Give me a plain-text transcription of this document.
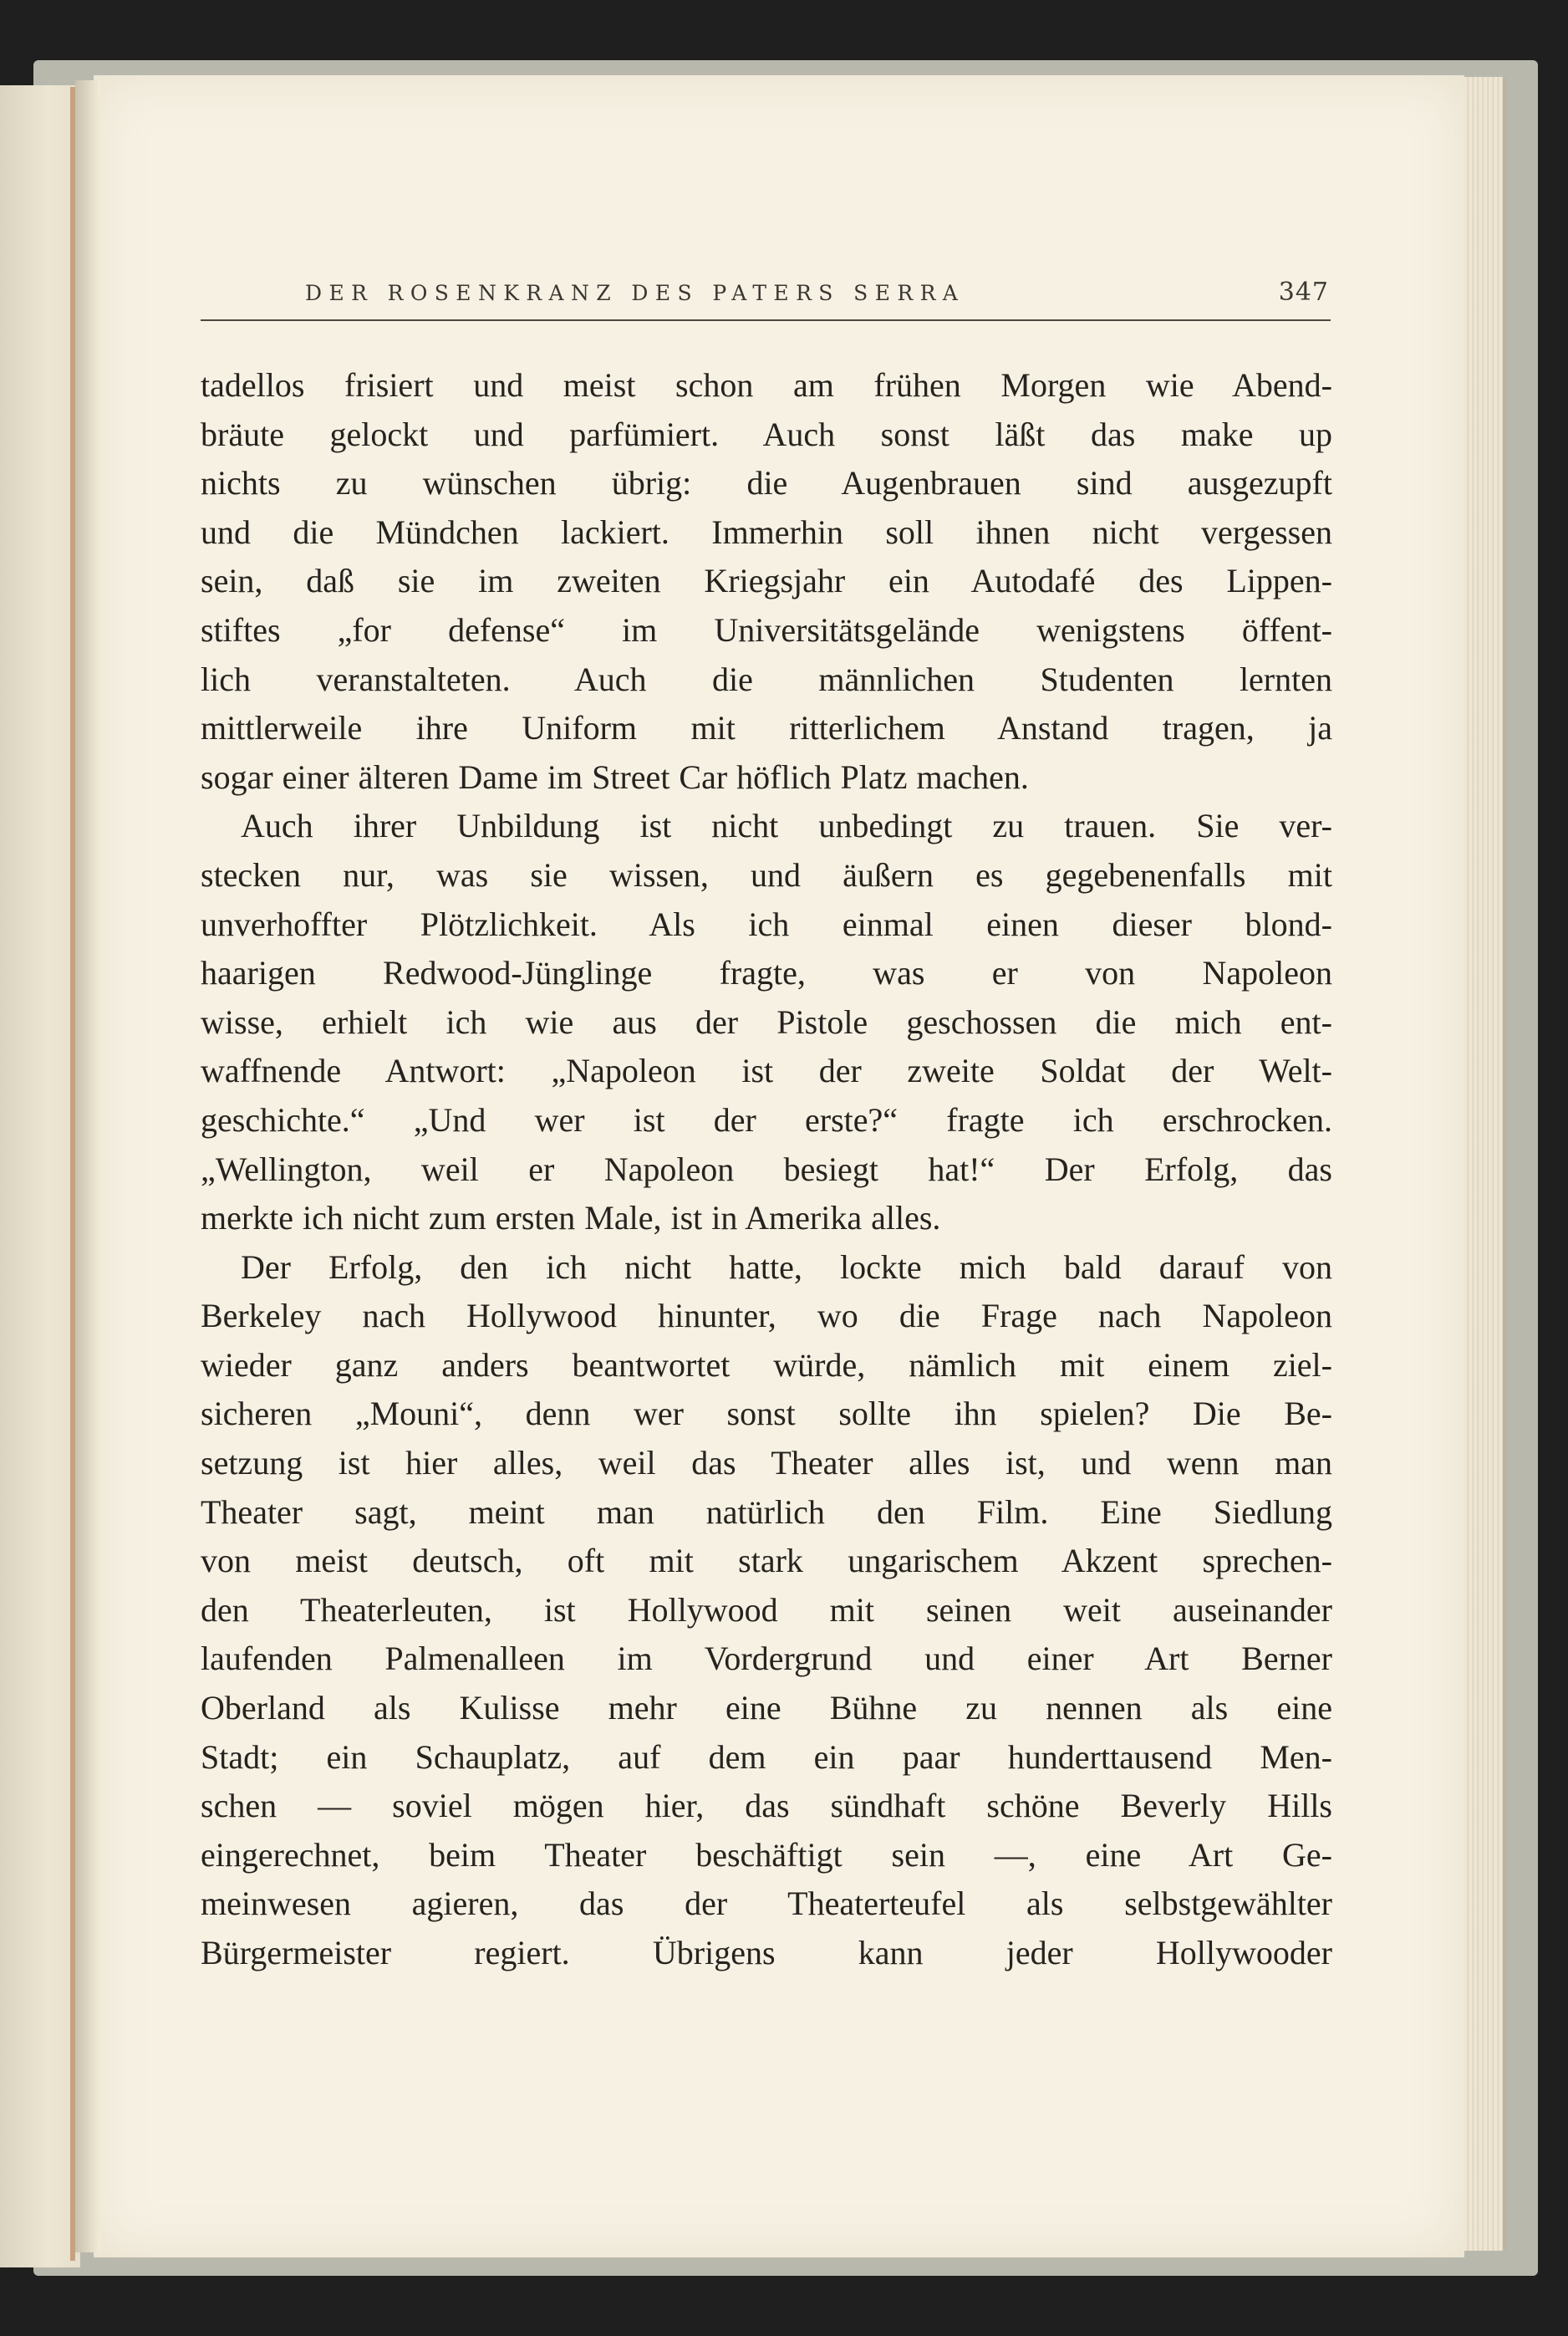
DER ROSENKRANZ DES PATERS SERRA	347
tadellos frisiert und meist schon am frühen Morgen wie Abend-
bräute gelockt und parfümiert. Auch sonst läßt das make up
nichts zu wünschen übrig: die Augenbrauen sind ausgezupft
und die Mündchen lackiert. Immerhin soll ihnen nicht vergessen
sein, daß sie im zweiten Kriegsjahr ein Autodafé des Lippen-
stiftes „for defense“ im Universitätsgelände wenigstens öffent-
lich veranstalteten. Auch die männlichen Studenten lernten
mittlerweile ihre Uniform mit ritterlichem Anstand tragen, ja
sogar einer älteren Dame im Street Car höflich Platz machen.
Auch ihrer Unbildung ist nicht unbedingt zu trauen. Sie ver-
stecken nur, was sie wissen, und äußern es gegebenenfalls mit
unverhoffter Plötzlichkeit. Als ich einmal einen dieser blond-
haarigen Redwood-Jünglinge fragte, was er von Napoleon
wisse, erhielt ich wie aus der Pistole geschossen die mich ent-
waffnende Antwort: „Napoleon ist der zweite Soldat der Welt-
geschichte.“ „Und wer ist der erste?“ fragte ich erschrocken.
„Wellington, weil er Napoleon besiegt hat!“ Der Erfolg, das
merkte ich nicht zum ersten Male, ist in Amerika alles.
Der Erfolg, den ich nicht hatte, lockte mich bald darauf von
Berkeley nach Hollywood hinunter, wo die Frage nach Napoleon
wieder ganz anders beantwortet würde, nämlich mit einem ziel-
sicheren „Mouni“, denn wer sonst sollte ihn spielen? Die Be-
setzung ist hier alles, weil das Theater alles ist, und wenn man
Theater sagt, meint man natürlich den Film. Eine Siedlung
von meist deutsch, oft mit stark ungarischem Akzent sprechen-
den Theaterleuten, ist Hollywood mit seinen weit auseinander
laufenden Palmenalleen im Vordergrund und einer Art Berner
Oberland als Kulisse mehr eine Bühne zu nennen als eine
Stadt; ein Schauplatz, auf dem ein paar hunderttausend Men-
schen — soviel mögen hier, das sündhaft schöne Beverly Hills
eingerechnet, beim Theater beschäftigt sein —, eine Art Ge-
meinwesen agieren, das der Theaterteufel als selbstgewählter
Bürgermeister regiert. Übrigens kann jeder Hollywooder
